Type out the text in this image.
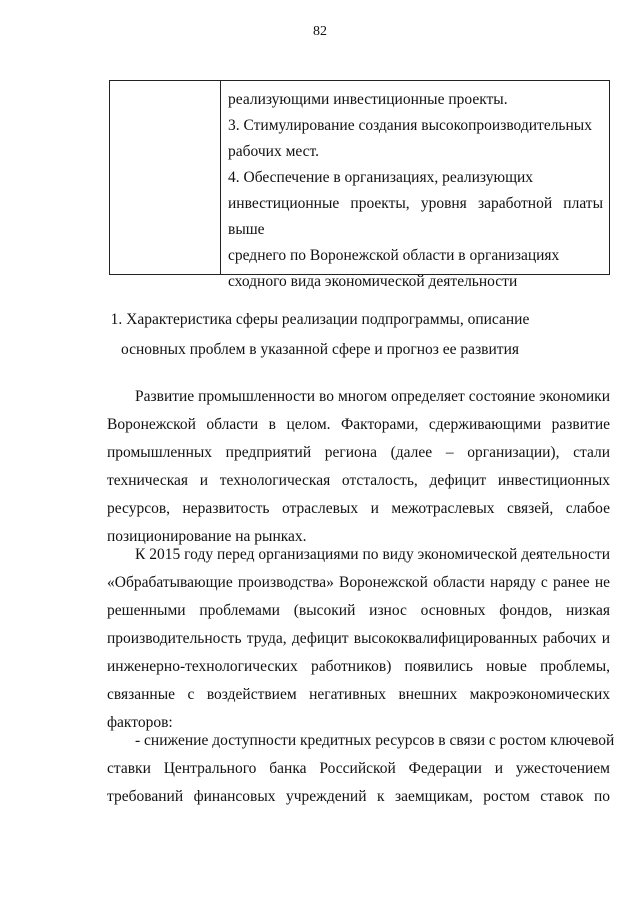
82

реализующими инвестиционные проекты.

3. Стимулирование создания высокопроизводительных

рабочих мест.

4. Обеспечение в организациях, реализующих

инвестиционные проекты, уровня заработной платы выше

среднего по Воронежской области в организациях

сходного вида экономической деятельности

1. Характеристика сферы реализации подпрограммы, описание
основных проблем в указанной сфере и прогноз ее развития
Развитие промышленности во многом определяет состояние экономики
Воронежской области в целом. Факторами, сдерживающими развитие
промышленных предприятий региона (далее – организации), стали
техническая и технологическая отсталость, дефицит инвестиционных
ресурсов, неразвитость отраслевых и межотраслевых связей, слабое
позиционирование на рынках.
К 2015 году перед организациями по виду экономической деятельности
«Обрабатывающие производства» Воронежской области наряду с ранее не
решенными проблемами (высокий износ основных фондов, низкая
производительность труда, дефицит высококвалифицированных рабочих и
инженерно-технологических работников) появились новые проблемы,
связанные с воздействием негативных внешних макроэкономических
факторов:
- снижение доступности кредитных ресурсов в связи с ростом ключевой
ставки Центрального банка Российской Федерации и ужесточением
требований финансовых учреждений к заемщикам, ростом ставок по
